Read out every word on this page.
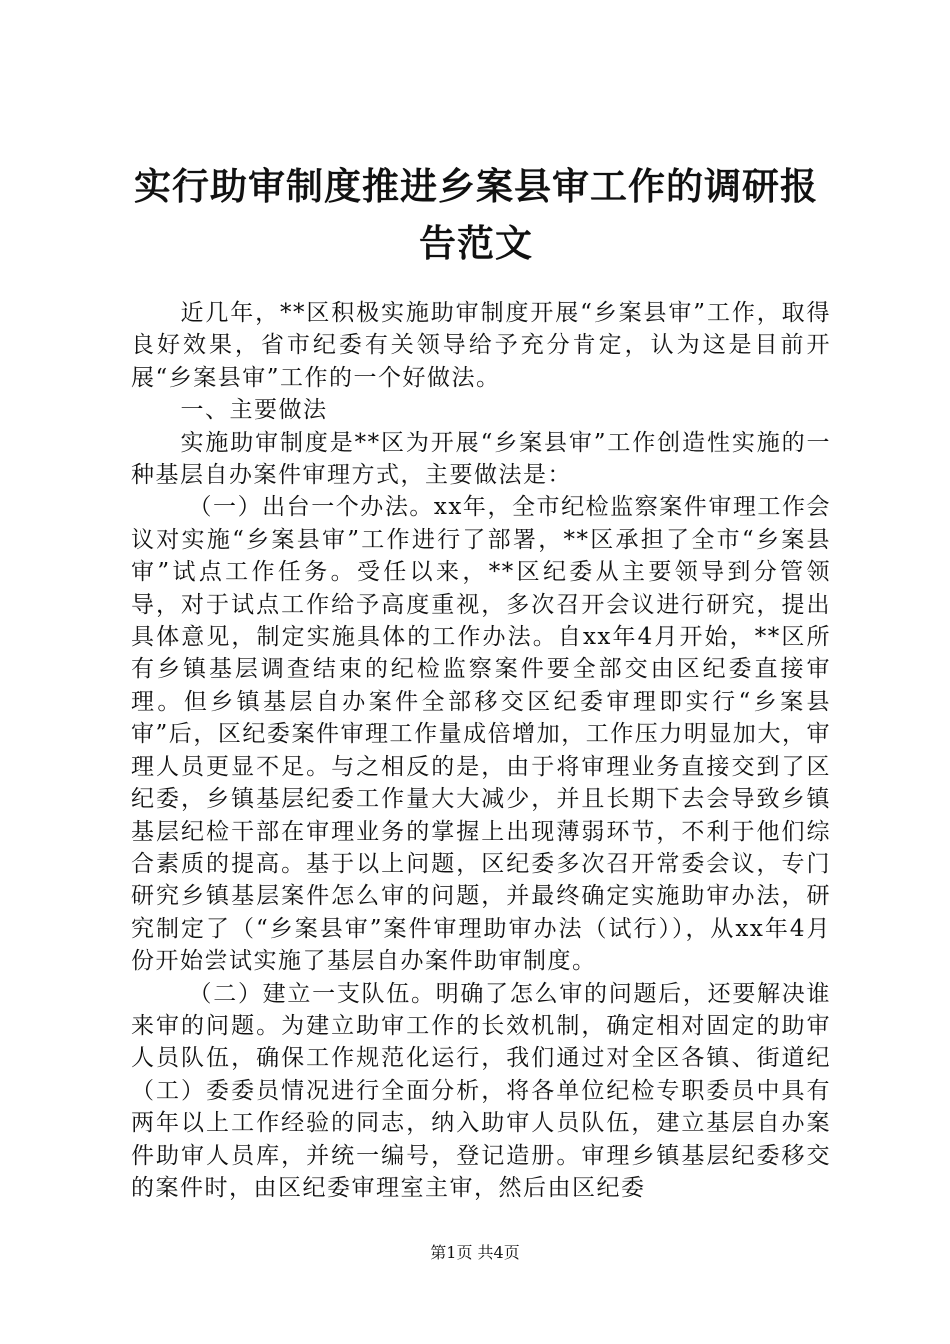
实行助审制度推进乡案县审工作的调研报告范文

近几年，**区积极实施助审制度开展“乡案县审”工作，取得良好效果，省市纪委有关领导给予充分肯定，认为这是目前开展“乡案县审”工作的一个好做法。

一、主要做法

实施助审制度是**区为开展“乡案县审”工作创造性实施的一种基层自办案件审理方式，主要做法是：

（一）出台一个办法。xx年，全市纪检监察案件审理工作会议对实施“乡案县审”工作进行了部署，**区承担了全市“乡案县审”试点工作任务。受任以来，**区纪委从主要领导到分管领导，对于试点工作给予高度重视，多次召开会议进行研究，提出具体意见，制定实施具体的工作办法。自xx年4月开始，**区所有乡镇基层调查结束的纪检监察案件要全部交由区纪委直接审理。但乡镇基层自办案件全部移交区纪委审理即实行“乡案县审”后，区纪委案件审理工作量成倍增加，工作压力明显加大，审理人员更显不足。与之相反的是，由于将审理业务直接交到了区纪委，乡镇基层纪委工作量大大减少，并且长期下去会导致乡镇基层纪检干部在审理业务的掌握上出现薄弱环节，不利于他们综合素质的提高。基于以上问题，区纪委多次召开常委会议，专门研究乡镇基层案件怎么审的问题，并最终确定实施助审办法，研究制定了（“乡案县审”案件审理助审办法（试行）），从xx年4月份开始尝试实施了基层自办案件助审制度。

（二）建立一支队伍。明确了怎么审的问题后，还要解决谁来审的问题。为建立助审工作的长效机制，确定相对固定的助审人员队伍，确保工作规范化运行，我们通过对全区各镇、街道纪（工）委委员情况进行全面分析，将各单位纪检专职委员中具有两年以上工作经验的同志，纳入助审人员队伍，建立基层自办案件助审人员库，并统一编号，登记造册。审理乡镇基层纪委移交的案件时，由区纪委审理室主审，然后由区纪委

第1页 共4页
